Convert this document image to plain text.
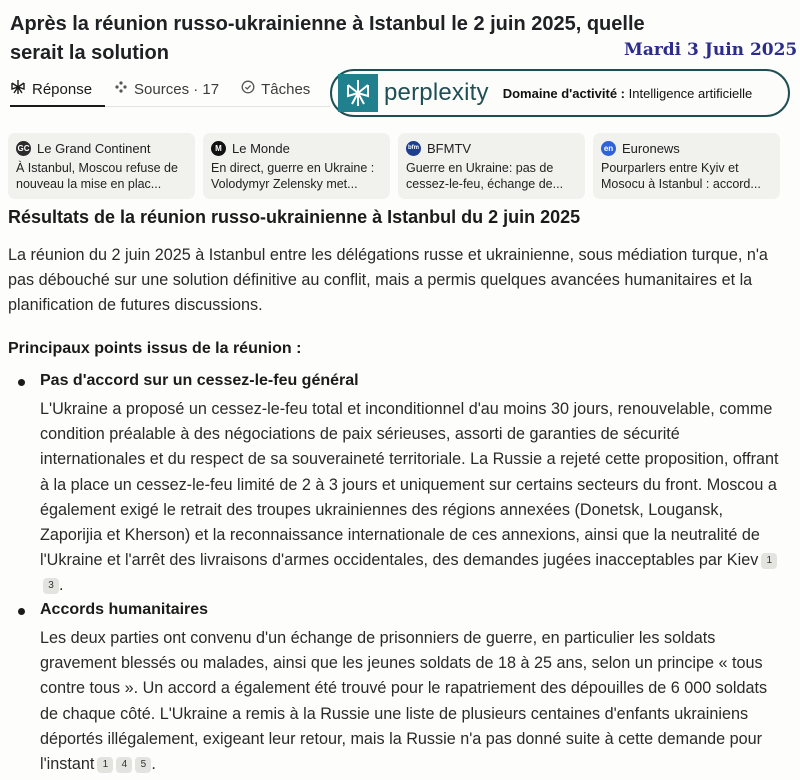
Après la réunion russo-ukrainienne à Istanbul le 2 juin 2025, quelle serait la solution	Mardi 3 Juin 2025
Réponse	Sources · 17	Tâches	perplexity Domaine d'activité : Intelligence artificielle
GC Le Grand Continent
À Istanbul, Moscou refuse de nouveau la mise en plac...
M Le Monde
En direct, guerre en Ukraine : Volodymyr Zelensky met...
bfm BFMTV
Guerre en Ukraine: pas de cessez-le-feu, échange de...
en Euronews
Pourparlers entre Kyiv et Mosocu à Istanbul : accord...
Résultats de la réunion russo-ukrainienne à Istanbul du 2 juin 2025
La réunion du 2 juin 2025 à Istanbul entre les délégations russe et ukrainienne, sous médiation turque, n'a pas débouché sur une solution définitive au conflit, mais a permis quelques avancées humanitaires et la planification de futures discussions.
Principaux points issus de la réunion :
Pas d'accord sur un cessez-le-feu général
L'Ukraine a proposé un cessez-le-feu total et inconditionnel d'au moins 30 jours, renouvelable, comme condition préalable à des négociations de paix sérieuses, assorti de garanties de sécurité internationales et du respect de sa souveraineté territoriale. La Russie a rejeté cette proposition, offrant à la place un cessez-le-feu limité de 2 à 3 jours et uniquement sur certains secteurs du front. Moscou a également exigé le retrait des troupes ukrainiennes des régions annexées (Donetsk, Lougansk, Zaporijia et Kherson) et la reconnaissance internationale de ces annexions, ainsi que la neutralité de l'Ukraine et l'arrêt des livraisons d'armes occidentales, des demandes jugées inacceptables par Kiev 13 .
Accords humanitaires
Les deux parties ont convenu d'un échange de prisonniers de guerre, en particulier les soldats gravement blessés ou malades, ainsi que les jeunes soldats de 18 à 25 ans, selon un principe « tous contre tous ». Un accord a également été trouvé pour le rapatriement des dépouilles de 6 000 soldats de chaque côté. L'Ukraine a remis à la Russie une liste de plusieurs centaines d'enfants ukrainiens déportés illégalement, exigeant leur retour, mais la Russie n'a pas donné suite à cette demande pour l'instant 1 4 5 .
